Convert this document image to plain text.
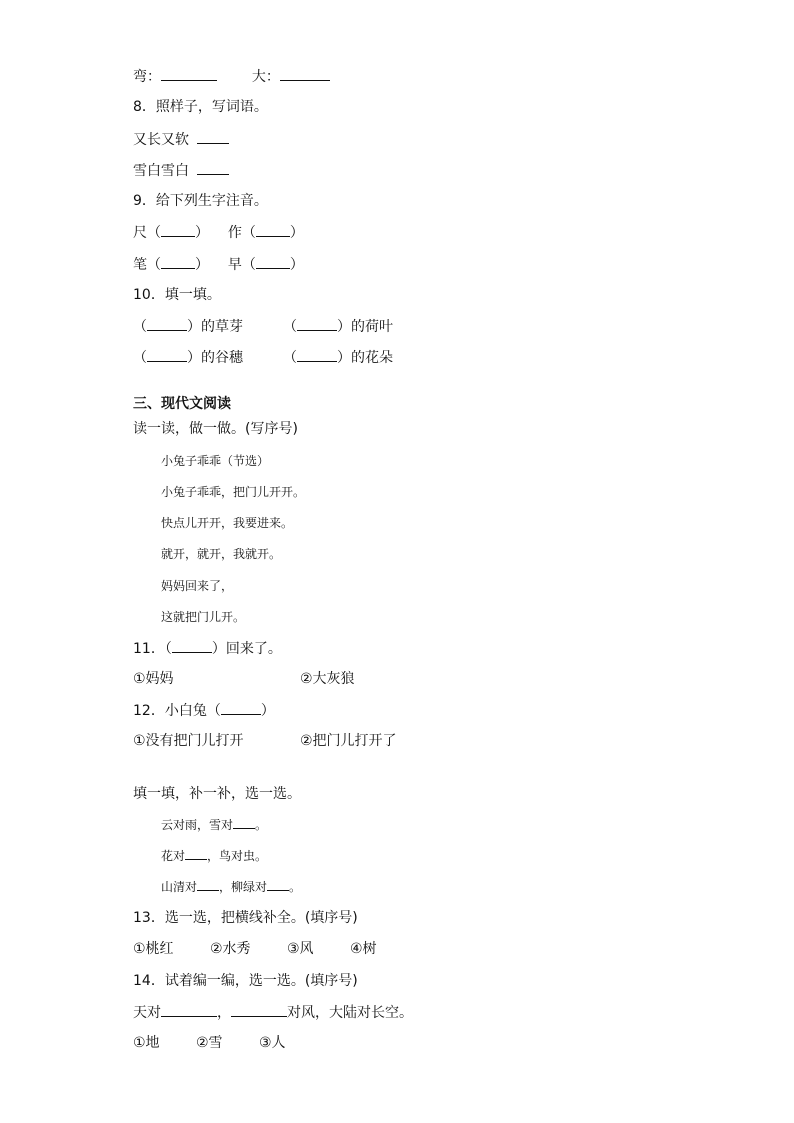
弯：	大：
8．照样子，写词语。
又长又软
雪白雪白
9．给下列生字注音。
尺（ ） 作（ ）
笔（ ） 早（ ）
10．填一填。
（	）的草芽	（	）的荷叶
（	）的谷穗	（	）的花朵
三、现代文阅读
读一读，做一做。(写序号)
小兔子乖乖（节选）
小兔子乖乖，把门儿开开。
快点儿开开，我要进来。
就开，就开，我就开。
妈妈回来了，
这就把门儿开。
11．（	）回来了。
①妈妈	②大灰狼
12．小白兔（	）
①没有把门儿打开	②把门儿打开了
填一填，补一补，选一选。
云对雨，雪对 。
花对 ，鸟对虫。
山清对 ，柳绿对 。
13．选一选，把横线补全。(填序号)
①桃红	②水秀	③风	④树
14．试着编一编，选一选。(填序号)
天对	，	对风，大陆对长空。
①地	②雪	③人
